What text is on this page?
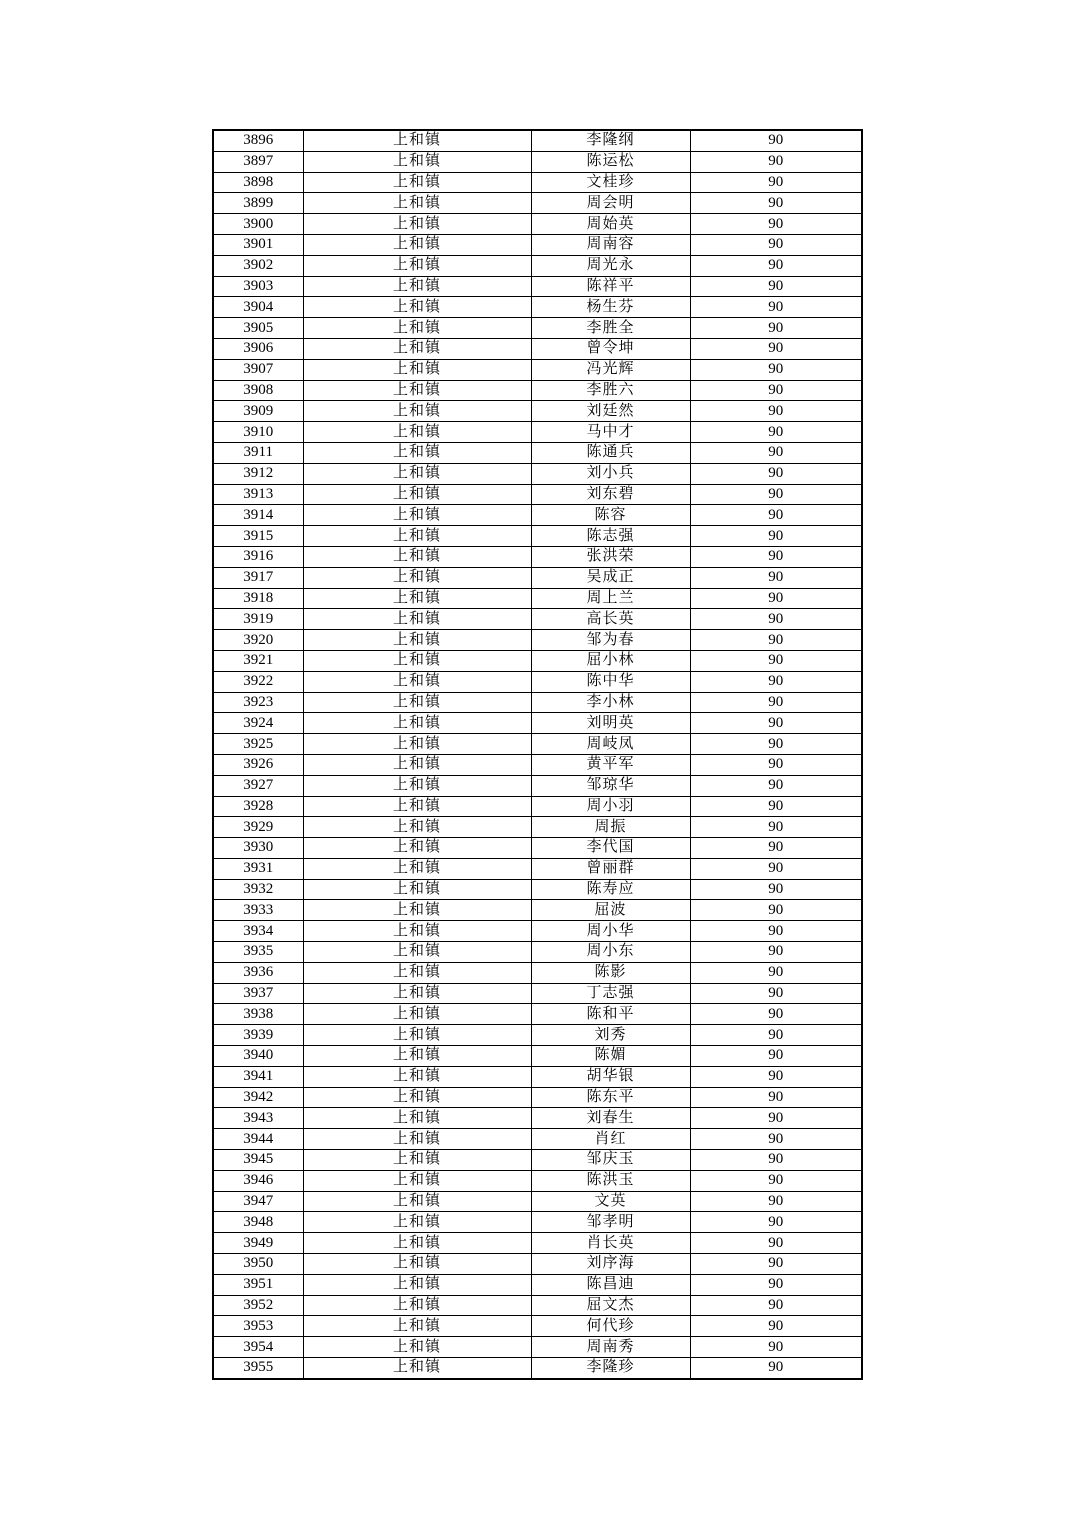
3896	上和镇	李隆纲	90
3897	上和镇	陈运松	90
3898	上和镇	文桂珍	90
3899	上和镇	周会明	90
3900	上和镇	周始英	90
3901	上和镇	周南容	90
3902	上和镇	周光永	90
3903	上和镇	陈祥平	90
3904	上和镇	杨生芬	90
3905	上和镇	李胜全	90
3906	上和镇	曾令坤	90
3907	上和镇	冯光辉	90
3908	上和镇	李胜六	90
3909	上和镇	刘廷然	90
3910	上和镇	马中才	90
3911	上和镇	陈通兵	90
3912	上和镇	刘小兵	90
3913	上和镇	刘东碧	90
3914	上和镇	陈容	90
3915	上和镇	陈志强	90
3916	上和镇	张洪荣	90
3917	上和镇	吴成正	90
3918	上和镇	周上兰	90
3919	上和镇	高长英	90
3920	上和镇	邹为春	90
3921	上和镇	屈小林	90
3922	上和镇	陈中华	90
3923	上和镇	李小林	90
3924	上和镇	刘明英	90
3925	上和镇	周岐凤	90
3926	上和镇	黄平军	90
3927	上和镇	邹琼华	90
3928	上和镇	周小羽	90
3929	上和镇	周振	90
3930	上和镇	李代国	90
3931	上和镇	曾丽群	90
3932	上和镇	陈寿应	90
3933	上和镇	屈波	90
3934	上和镇	周小华	90
3935	上和镇	周小东	90
3936	上和镇	陈影	90
3937	上和镇	丁志强	90
3938	上和镇	陈和平	90
3939	上和镇	刘秀	90
3940	上和镇	陈媚	90
3941	上和镇	胡华银	90
3942	上和镇	陈东平	90
3943	上和镇	刘春生	90
3944	上和镇	肖红	90
3945	上和镇	邹庆玉	90
3946	上和镇	陈洪玉	90
3947	上和镇	文英	90
3948	上和镇	邹孝明	90
3949	上和镇	肖长英	90
3950	上和镇	刘序海	90
3951	上和镇	陈昌迪	90
3952	上和镇	屈文杰	90
3953	上和镇	何代珍	90
3954	上和镇	周南秀	90
3955	上和镇	李隆珍	90
